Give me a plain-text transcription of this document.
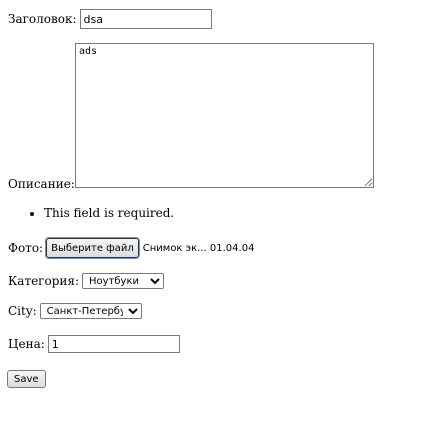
Заголовок:
dsa
Описание:
ads
• This field is required.
Фото: Выберите файл Снимок эк... 01.04.04
Категория:
Ноутбуки
City:
Санкт-Петербург
Цена:
1
Save
